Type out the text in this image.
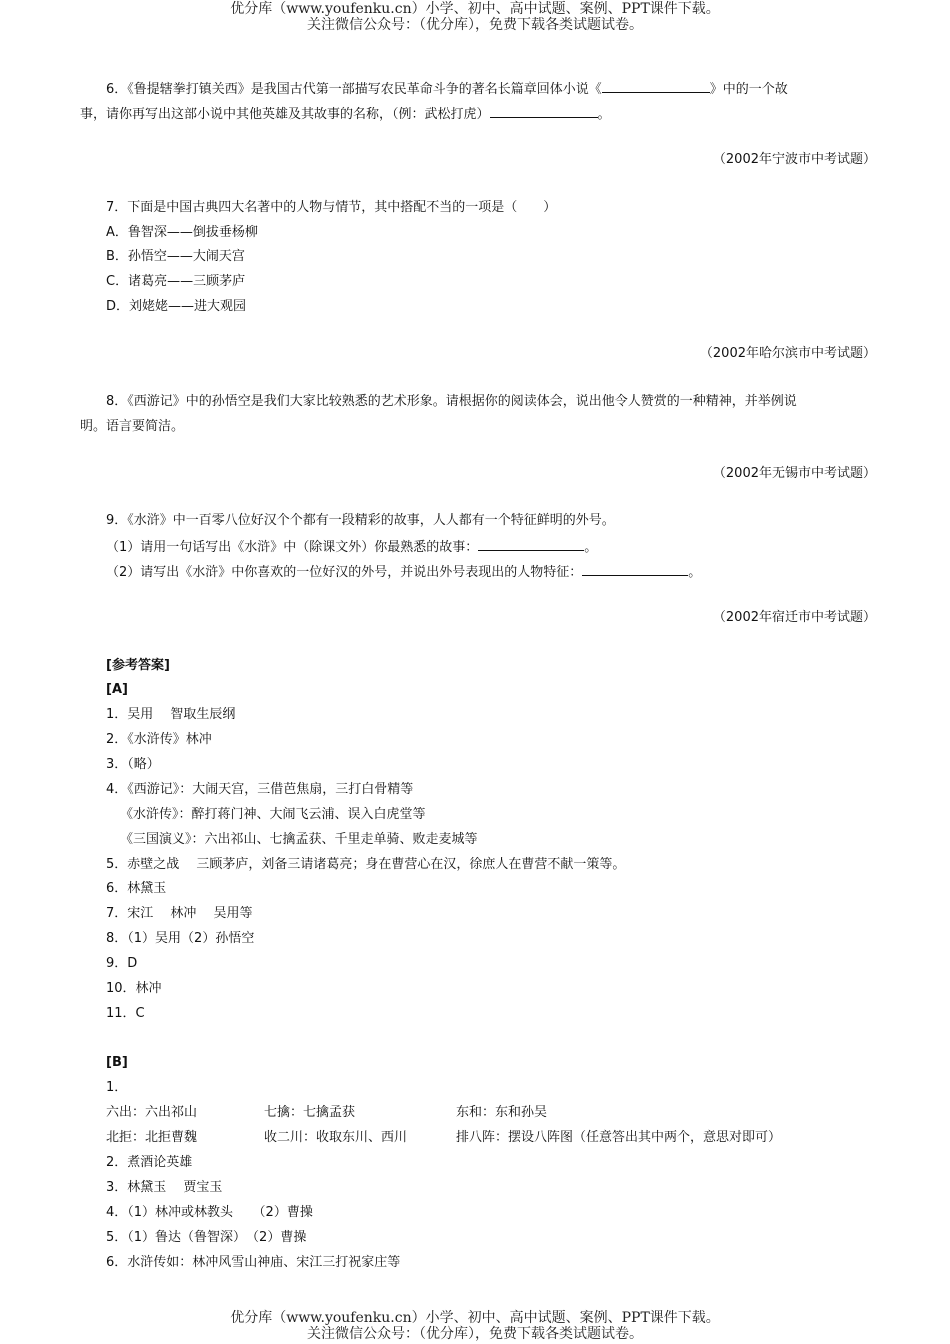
优分库（www.youfenku.cn）小学、初中、高中试题、案例、PPT课件下载。
关注微信公众号：（优分库），免费下载各类试题试卷。
6．《鲁提辖拳打镇关西》是我国古代第一部描写农民革命斗争的著名长篇章回体小说《	》中的一个故
事，请你再写出这部小说中其他英雄及其故事的名称，（例：武松打虎）	。
（2002年宁波市中考试题）
7．下面是中国古典四大名著中的人物与情节，其中搭配不当的一项是（　　）
A．鲁智深——倒拔垂杨柳
B．孙悟空——大闹天宫
C．诸葛亮——三顾茅庐
D．刘姥姥——进大观园
（2002年哈尔滨市中考试题）
8．《西游记》中的孙悟空是我们大家比较熟悉的艺术形象。请根据你的阅读体会，说出他令人赞赏的一种精神，并举例说
明。语言要简洁。
（2002年无锡市中考试题）
9．《水浒》中一百零八位好汉个个都有一段精彩的故事，人人都有一个特征鲜明的外号。
（1）请用一句话写出《水浒》中（除课文外）你最熟悉的故事：	。
（2）请写出《水浒》中你喜欢的一位好汉的外号，并说出外号表现出的人物特征：	。
（2002年宿迁市中考试题）
[参考答案]
[A]
1．吴用　 智取生辰纲
2．《水浒传》林冲
3．（略）
4．《西游记》：大闹天宫，三借芭焦扇，三打白骨精等
《水浒传》：醉打蒋门神、大闹飞云浦、误入白虎堂等
《三国演义》：六出祁山、七擒孟获、千里走单骑、败走麦城等
5．赤壁之战　 三顾茅庐，刘备三请诸葛亮；身在曹营心在汉，徐庶人在曹营不献一策等。
6．林黛玉
7．宋江　 林冲　 吴用等
8．（1）吴用（2）孙悟空
9．D
10．林冲
11．C
[B]
1．
六出：六出祁山	七擒：七擒孟获	东和：东和孙吴
北拒：北拒曹魏	收二川：收取东川、西川	排八阵：摆设八阵图（任意答出其中两个，意思对即可）
2．煮酒论英雄
3．林黛玉　 贾宝玉
4．（1）林冲或林教头　　（2）曹操
5．（1）鲁达（鲁智深）　（2）曹操
6．水浒传如：林冲风雪山神庙、宋江三打祝家庄等
优分库（www.youfenku.cn）小学、初中、高中试题、案例、PPT课件下载。
关注微信公众号：（优分库），免费下载各类试题试卷。
